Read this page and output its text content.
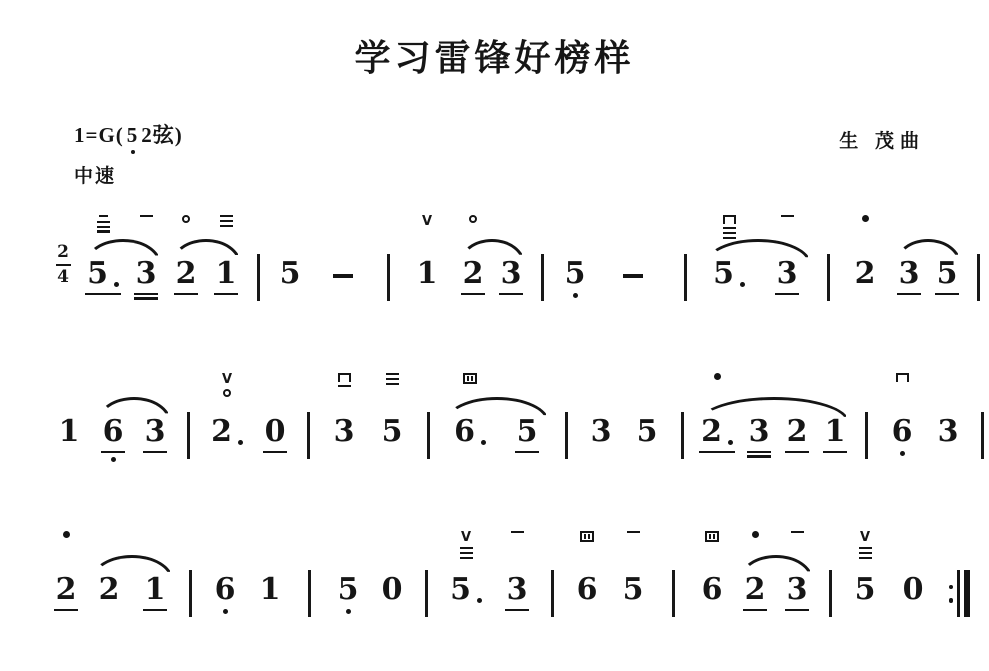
学习雷锋好榜样
1=G( 5 2弦)
中速
生 茂曲
2
4 5 3 2 1 5
V
1 2 3 5	5 3 2 3 5
1 6 3
V
2 0 3 5 6 5 3 5 2 3 2 1 6 3
2 2 1 6 1 5 0
V
5 3 6 5 6 2 3
V
5 0
